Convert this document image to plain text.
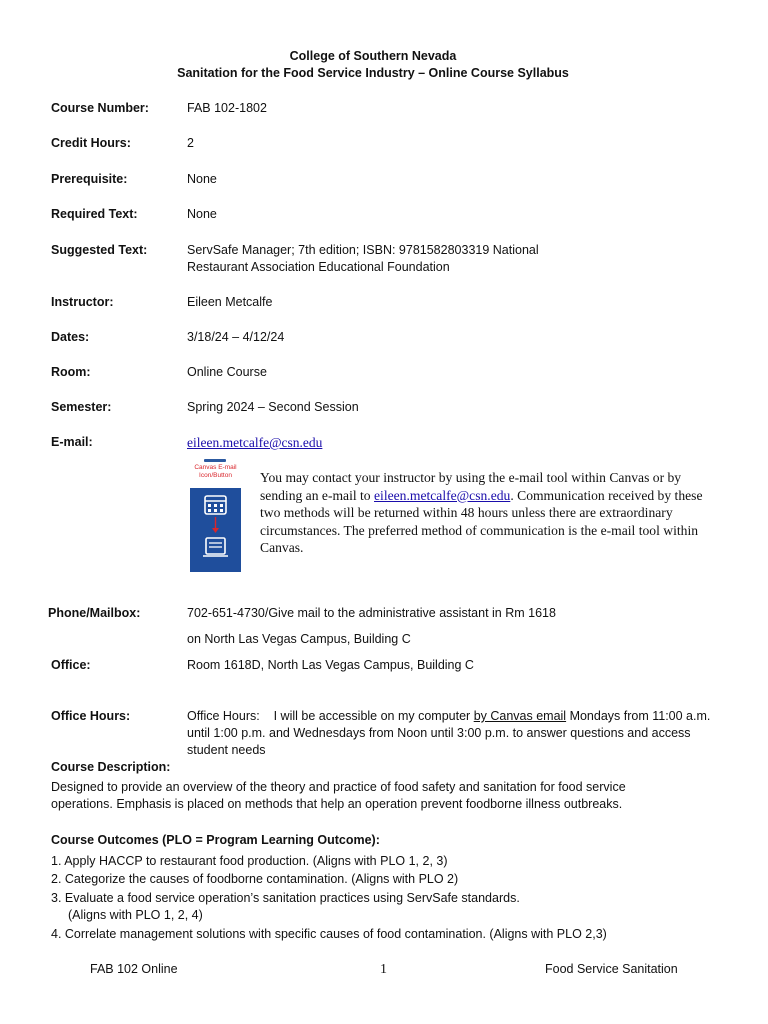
College of Southern Nevada
Sanitation for the Food Service Industry – Online Course Syllabus
Course Number:	FAB 102-1802
Credit Hours:	2
Prerequisite:	None
Required Text:	None
Suggested Text:	ServSafe Manager; 7th edition; ISBN: 9781582803319 National Restaurant Association Educational Foundation
Instructor:	Eileen Metcalfe
Dates:	3/18/24 – 4/12/24
Room:	Online Course
Semester:	Spring 2024 – Second Session
E-mail:	eileen.metcalfe@csn.edu
Canvas E-mail Icon/Button	You may contact your instructor by using the e-mail tool within Canvas or by sending an e-mail to eileen.metcalfe@csn.edu. Communication received by these two methods will be returned within 48 hours unless there are extraordinary circumstances. The preferred method of communication is the e-mail tool within Canvas.
Phone/Mailbox:	702-651-4730/Give mail to the administrative assistant in Rm 1618
on North Las Vegas Campus, Building C
Office:	Room 1618D, North Las Vegas Campus, Building C
Office Hours:	Office Hours:    I will be accessible on my computer by Canvas email Mondays from 11:00 a.m. until 1:00 p.m. and Wednesdays from Noon until 3:00 p.m. to answer questions and access student needs
Course Description:
Designed to provide an overview of the theory and practice of food safety and sanitation for food service operations. Emphasis is placed on methods that help an operation prevent foodborne illness outbreaks.
Course Outcomes (PLO = Program Learning Outcome):
1. Apply HACCP to restaurant food production. (Aligns with PLO 1, 2, 3)
2. Categorize the causes of foodborne contamination. (Aligns with PLO 2)
3. Evaluate a food service operation’s sanitation practices using ServSafe standards.
(Aligns with PLO 1, 2, 4)
4. Correlate management solutions with specific causes of food contamination. (Aligns with PLO 2,3)
FAB 102 Online	1	Food Service Sanitation
